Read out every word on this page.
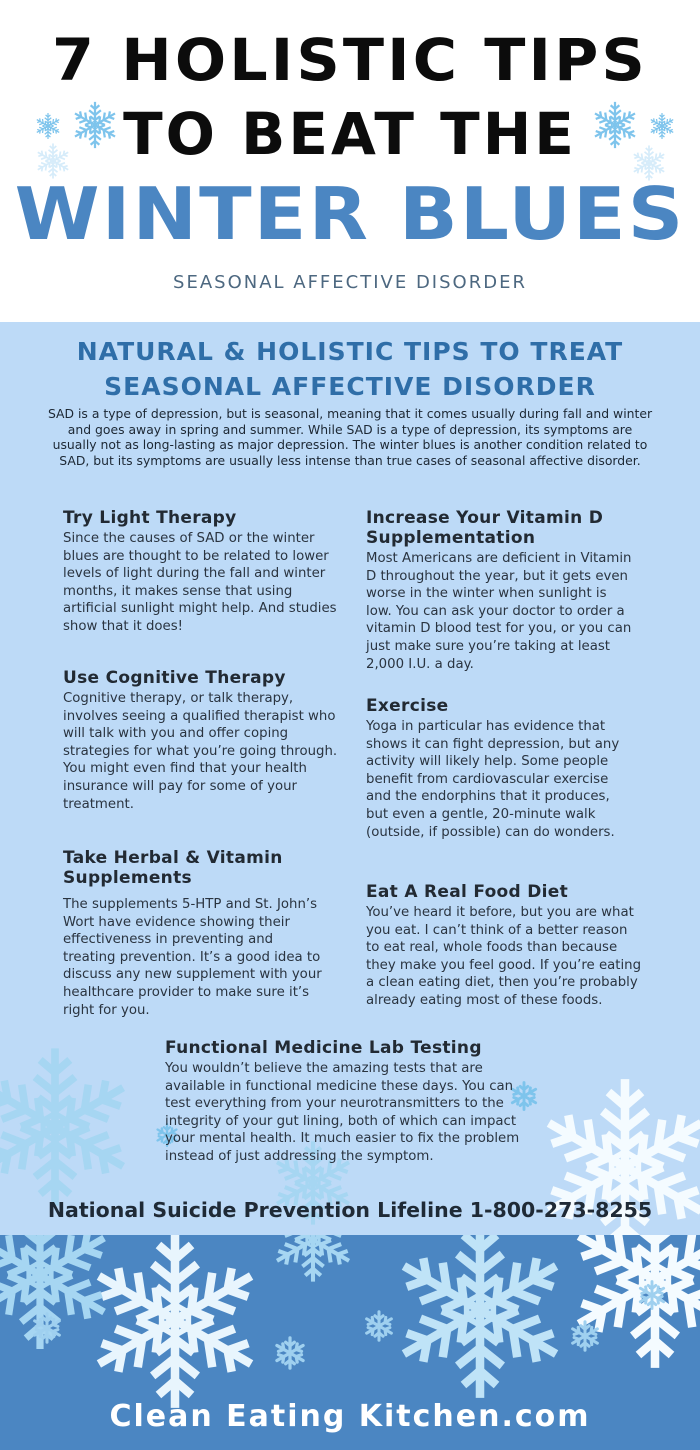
7 HOLISTIC TIPS
TO BEAT THE
WINTER BLUES
SEASONAL AFFECTIVE DISORDER
NATURAL & HOLISTIC TIPS TO TREAT
SEASONAL AFFECTIVE DISORDER
SAD is a type of depression, but is seasonal, meaning that it comes usually during fall and winter and goes away in spring and summer. While SAD is a type of depression, its symptoms are usually not as long-lasting as major depression. The winter blues is another condition related to SAD, but its symptoms are usually less intense than true cases of seasonal affective disorder.
Try Light Therapy

Since the causes of SAD or the winter blues are thought to be related to lower levels of light during the fall and winter months, it makes sense that using artificial sunlight might help. And studies show that it does!

Use Cognitive Therapy

Cognitive therapy, or talk therapy, involves seeing a qualified therapist who will talk with you and offer coping strategies for what you’re going through. You might even find that your health insurance will pay for some of your treatment.

Take Herbal & Vitamin Supplements

The supplements 5-HTP and St. John’s Wort have evidence showing their effectiveness in preventing and treating prevention. It’s a good idea to discuss any new supplement with your healthcare provider to make sure it’s right for you.

Increase Your Vitamin D Supplementation

Most Americans are deficient in Vitamin D throughout the year, but it gets even worse in the winter when sunlight is low. You can ask your doctor to order a vitamin D blood test for you, or you can just make sure you’re taking at least 2,000 I.U. a day.

Exercise

Yoga in particular has evidence that shows it can fight depression, but any activity will likely help. Some people benefit from cardiovascular exercise and the endorphins that it produces, but even a gentle, 20-minute walk (outside, if possible) can do wonders.

Eat A Real Food Diet

You’ve heard it before, but you are what you eat. I can’t think of a better reason to eat real, whole foods than because they make you feel good. If you’re eating a clean eating diet, then you’re probably already eating most of these foods.

Functional Medicine Lab Testing

You wouldn’t believe the amazing tests that are available in functional medicine these days. You can test everything from your neurotransmitters to the integrity of your gut lining, both of which can impact your mental health. It much easier to fix the problem instead of just addressing the symptom.

National Suicide Prevention Lifeline 1-800-273-8255
Clean Eating Kitchen.com
